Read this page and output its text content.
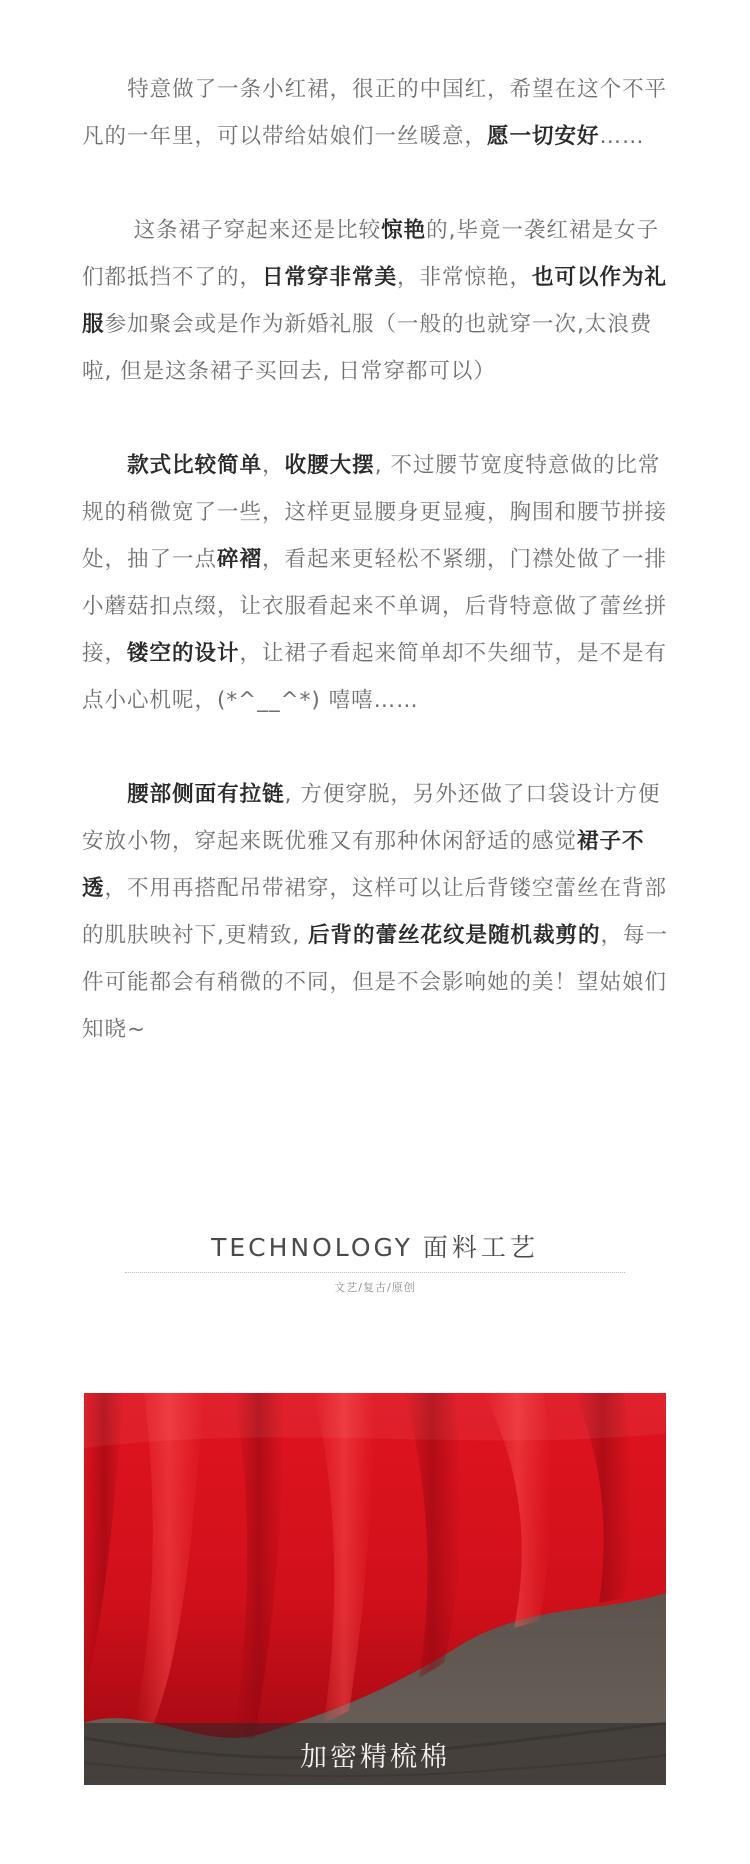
特意做了一条小红裙，很正的中国红，希望在这个不平凡的一年里，可以带给姑娘们一丝暖意，愿一切安好……

这条裙子穿起来还是比较惊艳的,毕竟一袭红裙是女子们都抵挡不了的，日常穿非常美，非常惊艳，也可以作为礼服参加聚会或是作为新婚礼服（一般的也就穿一次,太浪费啦, 但是这条裙子买回去, 日常穿都可以）

款式比较简单，收腰大摆, 不过腰节宽度特意做的比常规的稍微宽了一些，这样更显腰身更显瘦，胸围和腰节拼接处，抽了一点碎褶，看起来更轻松不紧绷，门襟处做了一排小蘑菇扣点缀，让衣服看起来不单调，后背特意做了蕾丝拼接，镂空的设计，让裙子看起来简单却不失细节，是不是有点小心机呢，(*^__^*) 嘻嘻……

腰部侧面有拉链, 方便穿脱，另外还做了口袋设计方便安放小物，穿起来既优雅又有那种休闲舒适的感觉裙子不透，不用再搭配吊带裙穿，这样可以让后背镂空蕾丝在背部的肌肤映衬下,更精致, 后背的蕾丝花纹是随机裁剪的，每一件可能都会有稍微的不同，但是不会影响她的美！望姑娘们知晓~

TECHNOLOGY 面料工艺
文艺/复古/原创
加密精梳棉
